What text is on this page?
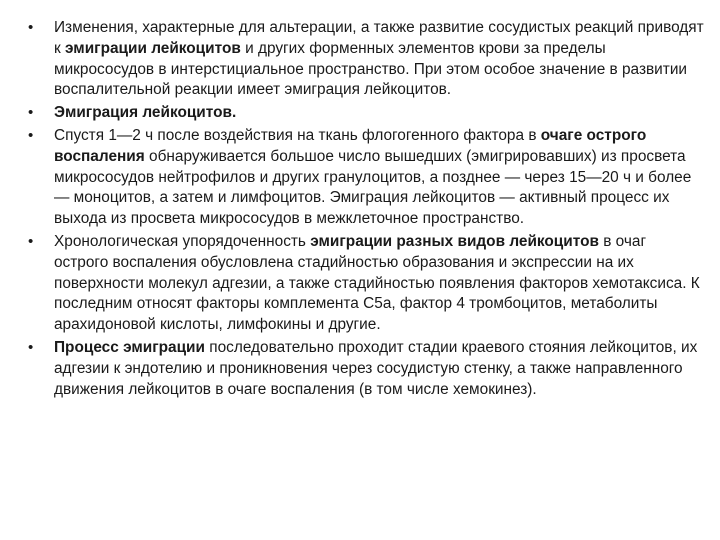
• Изменения, характерные для альтерации, а также развитие сосудистых реакций приводят к эмиграции лейкоцитов и других форменных элементов крови за пределы микрососудов в интерстициальное пространство. При этом особое значение в развитии воспалительной реакции имеет эмиграция лейкоцитов.
• Эмиграция лейкоцитов.
• Спустя 1—2 ч после воздействия на ткань флогогенного фактора в очаге острого воспаления обнаруживается большое число вышедших (эмигрировавших) из просвета микрососудов нейтрофилов и других гранулоцитов, а позднее — через 15—20 ч и более — моноцитов, а затем и лимфоцитов. Эмиграция лейкоцитов — активный процесс их выхода из просвета микрососудов в межклеточное пространство.
• Хронологическая упорядоченность эмиграции разных видов лейкоцитов в очаг острого воспаления обусловлена стадийностью образования и экспрессии на их поверхности молекул адгезии, а также стадийностью появления факторов хемотаксиса. К последним относят факторы комплемента C5a, фактор 4 тромбоцитов, метаболиты арахидоновой кислоты, лимфокины и другие.
• Процесс эмиграции последовательно проходит стадии краевого стояния лейкоцитов, их адгезии к эндотелию и проникновения через сосудистую стенку, а также направленного движения лейкоцитов в очаге воспаления (в том числе хемокинез).
